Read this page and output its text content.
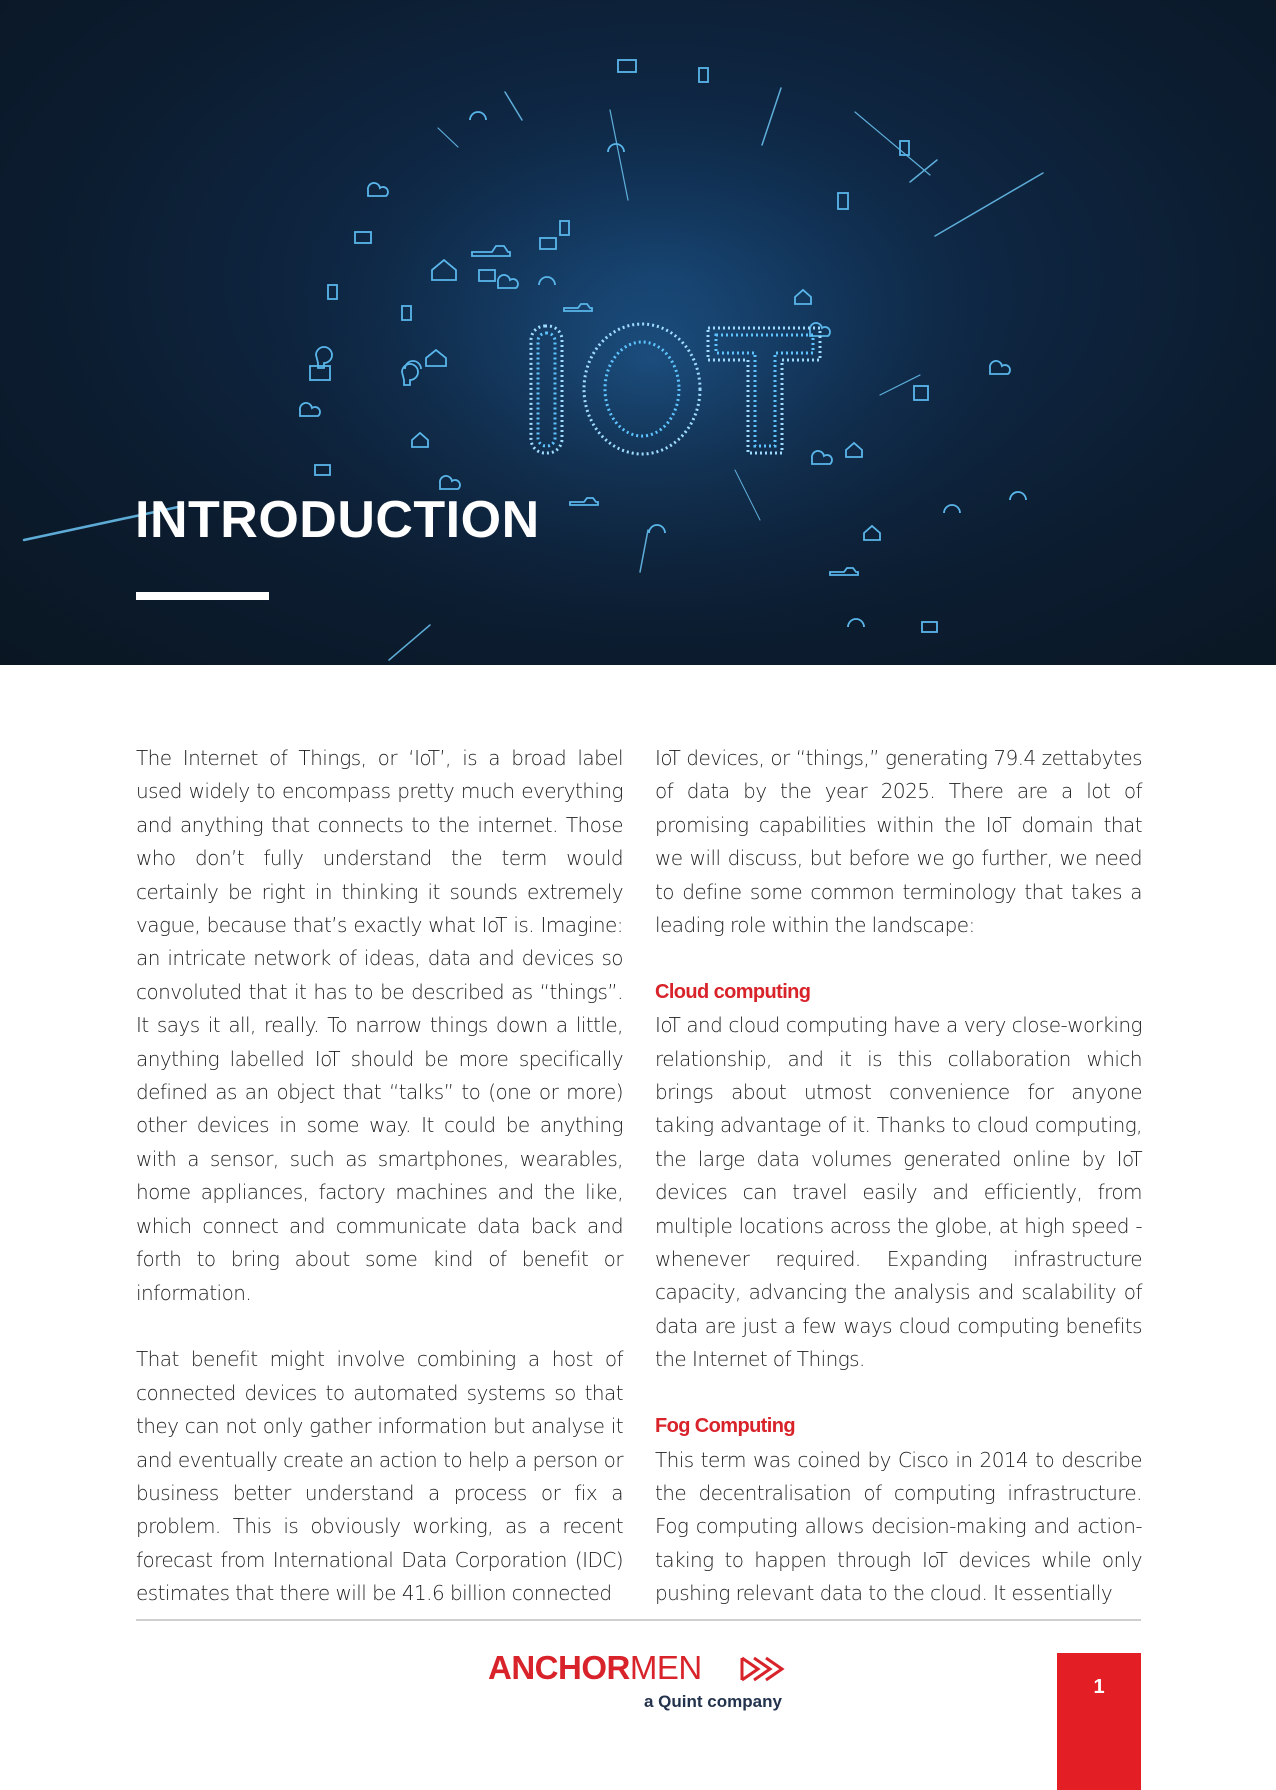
INTRODUCTION

The Internet of Things, or ‘IoT’, is a broad label used widely to encompass pretty much everything and anything that connects to the internet. Those who don’t fully understand the term would certainly be right in thinking it sounds extremely vague, because that’s exactly what IoT is. Imagine: an intricate network of ideas, data and devices so convoluted that it has to be described as “things”. It says it all, really. To narrow things down a little, anything labelled IoT should be more specifically defined as an object that “talks” to (one or more) other devices in some way. It could be anything with a sensor, such as smartphones, wearables, home appliances, factory machines and the like, which connect and communicate data back and forth to bring about some kind of benefit or information.

That benefit might involve combining a host of connected devices to automated systems so that they can not only gather information but analyse it and eventually create an action to help a person or business better understand a process or fix a problem. This is obviously working, as a recent forecast from International Data Corporation (IDC) estimates that there will be 41.6 billion connected

IoT devices, or “things,” generating 79.4 zettabytes of data by the year 2025. There are a lot of promising capabilities within the IoT domain that we will discuss, but before we go further, we need to define some common terminology that takes a leading role within the landscape:

Cloud computing

IoT and cloud computing have a very close-working relationship, and it is this collaboration which brings about utmost convenience for anyone taking advantage of it. Thanks to cloud computing, the large data volumes generated online by IoT devices can travel easily and efficiently, from multiple locations across the globe, at high speed - whenever required. Expanding infrastructure capacity, advancing the analysis and scalability of data are just a few ways cloud computing benefits the Internet of Things.

Fog Computing

This term was coined by Cisco in 2014 to describe the decentralisation of computing infrastructure. Fog computing allows decision-making and action-taking to happen through IoT devices while only pushing relevant data to the cloud. It essentially

ANCHORMEN
a Quint company
1
